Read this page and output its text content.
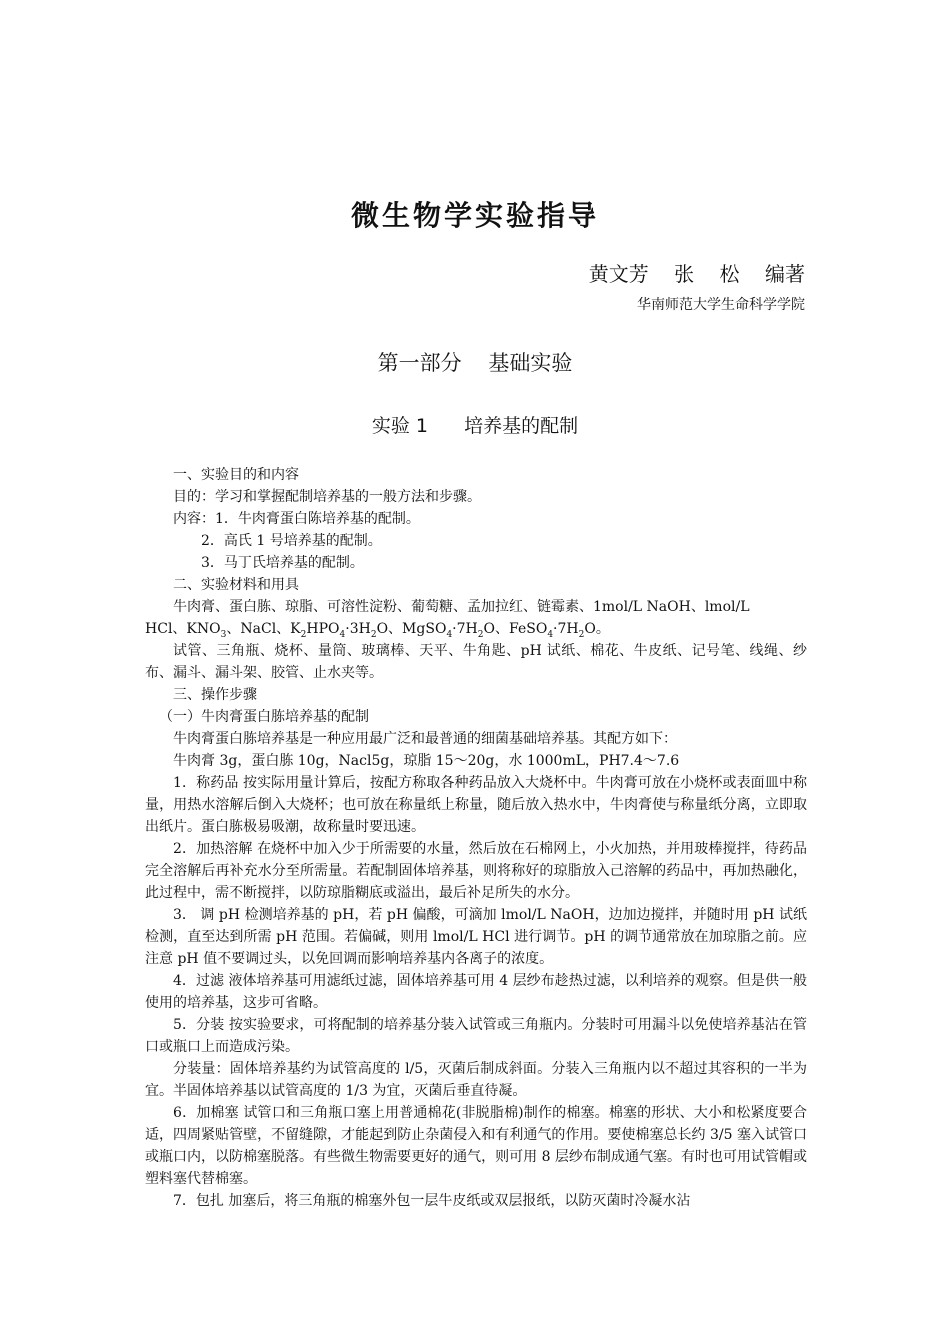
微生物学实验指导
黄文芳    张    松    编著
华南师范大学生命科学学院
第一部分    基础实验
实验 1      培养基的配制

一、实验目的和内容

目的：学习和掌握配制培养基的一般方法和步骤。

内容：1．牛肉膏蛋白陈培养基的配制。

2．高氏 1 号培养基的配制。

3．马丁氏培养基的配制。

二、实验材料和用具

牛肉膏、蛋白胨、琼脂、可溶性淀粉、葡萄糖、孟加拉红、链霉素、1mol/L NaOH、lmol/L

HCl、$KNO_3$、NaCl、$K_2HPO_4\cdot 3H_2O$、$MgSO_4\cdot 7H_2O$、$FeSO_4\cdot 7H_2O$。

试管、三角瓶、烧杯、量筒、玻璃棒、天平、牛角匙、pH 试纸、棉花、牛皮纸、记号笔、线绳、纱布、漏斗、漏斗架、胶管、止水夹等。

三、操作步骤

（一）牛肉膏蛋白胨培养基的配制

牛肉膏蛋白胨培养基是一种应用最广泛和最普通的细菌基础培养基。其配方如下：

牛肉膏 3g，蛋白胨 10g，Nacl5g，琼脂 15～20g，水 1000mL，PH7.4～7.6

1．称药品 按实际用量计算后，按配方称取各种药品放入大烧杯中。牛肉膏可放在小烧杯或表面皿中称量，用热水溶解后倒入大烧杯；也可放在称量纸上称量，随后放入热水中，牛肉膏使与称量纸分离，立即取出纸片。蛋白胨极易吸潮，故称量时要迅速。

2．加热溶解 在烧杯中加入少于所需要的水量，然后放在石棉网上，小火加热，并用玻棒搅拌，待药品完全溶解后再补充水分至所需量。若配制固体培养基，则将称好的琼脂放入己溶解的药品中，再加热融化，此过程中，需不断搅拌，以防琼脂糊底或溢出，最后补足所失的水分。

3． 调 pH 检测培养基的 pH，若 pH 偏酸，可滴加 lmol/L NaOH，边加边搅拌，并随时用 pH 试纸检测，直至达到所需 pH 范围。若偏碱，则用 lmol/L HCl 进行调节。pH 的调节通常放在加琼脂之前。应注意 pH 值不要调过头，以免回调而影响培养基内各离子的浓度。

4．过滤 液体培养基可用滤纸过滤，固体培养基可用 4 层纱布趁热过滤，以利培养的观察。但是供一般使用的培养基，这步可省略。

5．分装 按实验要求，可将配制的培养基分装入试管或三角瓶内。分装时可用漏斗以免使培养基沾在管口或瓶口上而造成污染。

分装量：固体培养基约为试管高度的 l/5，灭菌后制成斜面。分装入三角瓶内以不超过其容积的一半为宜。半固体培养基以试管高度的 1/3 为宜，灭菌后垂直待凝。

6．加棉塞 试管口和三角瓶口塞上用普通棉花(非脱脂棉)制作的棉塞。棉塞的形状、大小和松紧度要合适，四周紧贴管壁，不留缝隙，才能起到防止杂菌侵入和有利通气的作用。要使棉塞总长约 3/5 塞入试管口或瓶口内，以防棉塞脱落。有些微生物需要更好的通气，则可用 8 层纱布制成通气塞。有时也可用试管帽或塑料塞代替棉塞。

7．包扎 加塞后，将三角瓶的棉塞外包一层牛皮纸或双层报纸，以防灭菌时冷凝水沾
